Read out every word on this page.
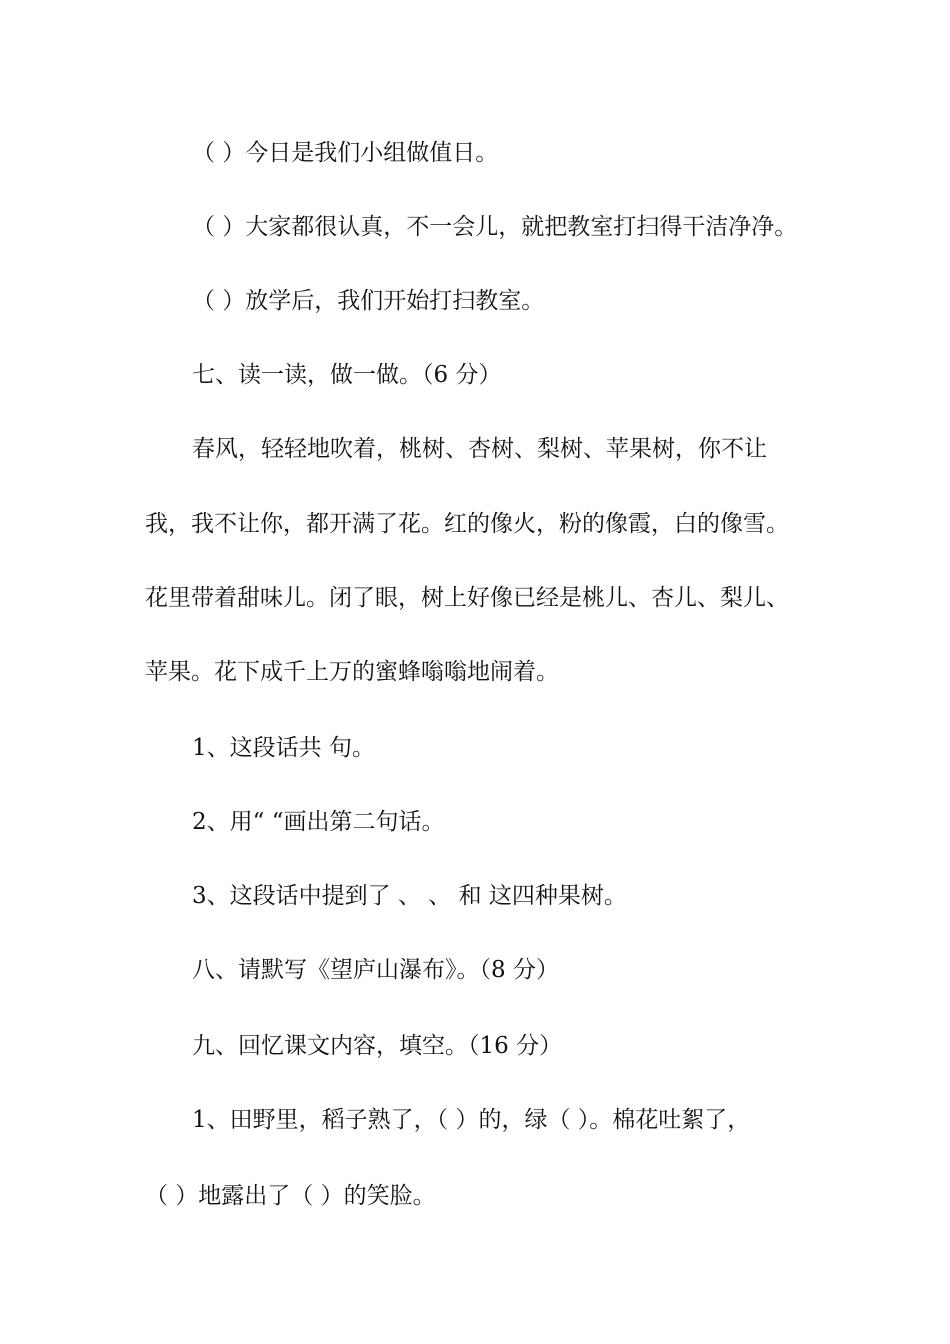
（ ）今日是我们小组做值日。
（ ）大家都很认真，不一会儿，就把教室打扫得干洁净净。
（ ）放学后，我们开始打扫教室。
七、读一读，做一做。（6 分）
春风，轻轻地吹着，桃树、杏树、梨树、苹果树，你不让
我，我不让你，都开满了花。红的像火，粉的像霞，白的像雪。
花里带着甜味儿。闭了眼，树上好像已经是桃儿、杏儿、梨儿、
苹果。花下成千上万的蜜蜂嗡嗡地闹着。
1、这段话共 句。
2、用“ “画出第二句话。
3、这段话中提到了 、 、 和 这四种果树。
八、请默写《望庐山瀑布》。（8 分）
九、回忆课文内容，填空。（16 分）
1、田野里，稻子熟了，（ ）的，绿（ ）。棉花吐絮了，
（ ）地露出了（ ）的笑脸。
